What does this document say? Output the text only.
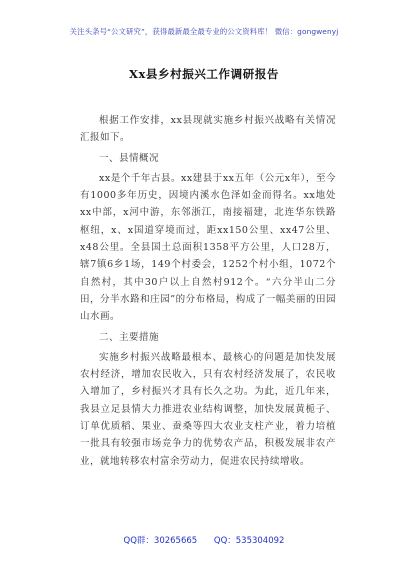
关注头条号“公文研究”，获得最新最全最专业的公文资料库！ 微信：gongwenyj
Xx县乡村振兴工作调研报告

根据工作安排，xx县现就实施乡村振兴战略有关情况汇报如下。

一、县情概况

xx是个千年古县。xx建县于xx五年（公元x年），至今有1000多年历史，因境内溪水色泽如金而得名。xx地处xx中部，x河中游，东邻浙江，南接福建，北连华东铁路枢纽，x、x国道穿境而过，距xx150公里、xx47公里、x48公里。全县国土总面积1358平方公里，人口28万，辖7镇6乡1场，149个村委会，1252个村小组，1072个自然村，其中30户以上自然村912个。“六分半山二分田，分半水路和庄园”的分布格局，构成了一幅美丽的田园山水画。

二、主要措施

实施乡村振兴战略最根本、最核心的问题是加快发展农村经济，增加农民收入，只有农村经济发展了，农民收入增加了，乡村振兴才具有长久之功。为此，近几年来，我县立足县情大力推进农业结构调整，加快发展黄栀子、订单优质稻、果业、蚕桑等四大农业支柱产业，着力培植一批具有较强市场竞争力的优势农产品，积极发展非农产业，就地转移农村富余劳动力，促进农民持续增收。

QQ群：30265665 QQ：535304092
